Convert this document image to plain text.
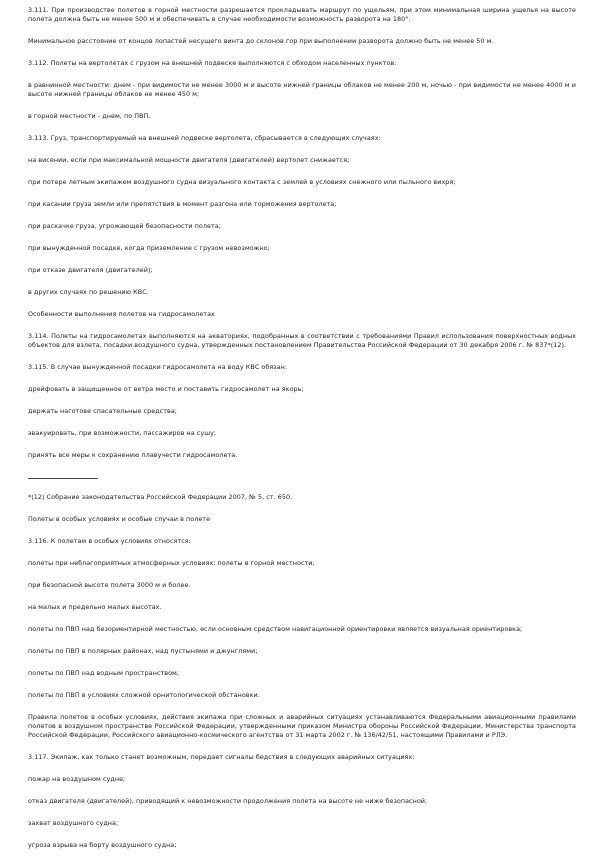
3.111. При производстве полетов в горной местности разрешается прокладывать маршрут по ущельям, при этом минимальная ширина ущелья на высоте полета должна быть не менее 500 м и обеспечивать в случае необходимости возможность разворота на 180°.

Минимальное расстояние от концов лопастей несущего винта до склонов гор при выполнении разворота должно быть не менее 50 м.

3.112. Полеты на вертолетах с грузом на внешней подвеске выполняются с обходом населенных пунктов:

в равнинной местности: днем - при видимости не менее 3000 м и высоте нижней границы облаков не менее 200 м, ночью - при видимости не менее 4000 м и высоте нижней границы облаков не менее 450 м;

в горной местности - днем, по ПВП.

3.113. Груз, транспортируемый на внешней подвеске вертолета, сбрасывается в следующих случаях:

на висении, если при максимальной мощности двигателя (двигателей) вертолет снижается;

при потере летным экипажем воздушного судна визуального контакта с землей в условиях снежного или пыльного вихря;

при касании груза земли или препятствия в момент разгона или торможения вертолета;

при раскачке груза, угрожающей безопасности полета;

при вынужденной посадке, когда приземление с грузом невозможно;

при отказе двигателя (двигателей);

в других случаях по решению КВС.

Особенности выполнения полетов на гидросамолетах

3.114. Полеты на гидросамолетах выполняются на акваториях, подобранных в соответствии с требованиями Правил использования поверхностных водных объектов для взлета, посадки воздушного судна, утвержденных постановлением Правительства Российской Федерации от 30 декабря 2006 г. № 837*(12).

3.115. В случае вынужденной посадки гидросамолета на воду КВС обязан:

дрейфовать в защищенное от ветра место и поставить гидросамолет на якорь;

держать наготове спасательные средства;

эвакуировать, при возможности, пассажиров на сушу;

принять все меры к сохранению плавучести гидросамолета.

*(12) Собрание законодательства Российской Федерации 2007, № 5, ст. 650.

Полеты в особых условиях и особые случаи в полете

3.116. К полетам в особых условиях относятся:

полеты при неблагоприятных атмосферных условиях; полеты в горной местности;

при безопасной высоте полета 3000 м и более.

на малых и предельно малых высотах.

полеты по ПВП над безориентирной местностью, если основным средством навигационной ориентировки является визуальная ориентировка;

полеты по ПВП в полярных районах, над пустынями и джунглями;

полеты по ПВП над водным пространством;

полеты по ПВП в условиях сложной орнитологической обстановки.

Правила полетов в особых условиях, действия экипажа при сложных и аварийных ситуациях устанавливаются Федеральными авиационными правилами полетов в воздушном пространстве Российской Федерации, утвержденными приказом Министра обороны Российской Федерации, Министерства транспорта Российской Федерации, Российского авиационно-космического агентства от 31 марта 2002 г. № 136/42/51, настоящими Правилами и РЛЭ.

3.117. Экипаж, как только станет возможным, передает сигналы бедствия в следующих аварийных ситуациях:

пожар на воздушном судне;

отказ двигателя (двигателей), приводящий к невозможности продолжения полета на высоте не ниже безопасной;

захват воздушного судна;

угроза взрыва на борту воздушного судна;
